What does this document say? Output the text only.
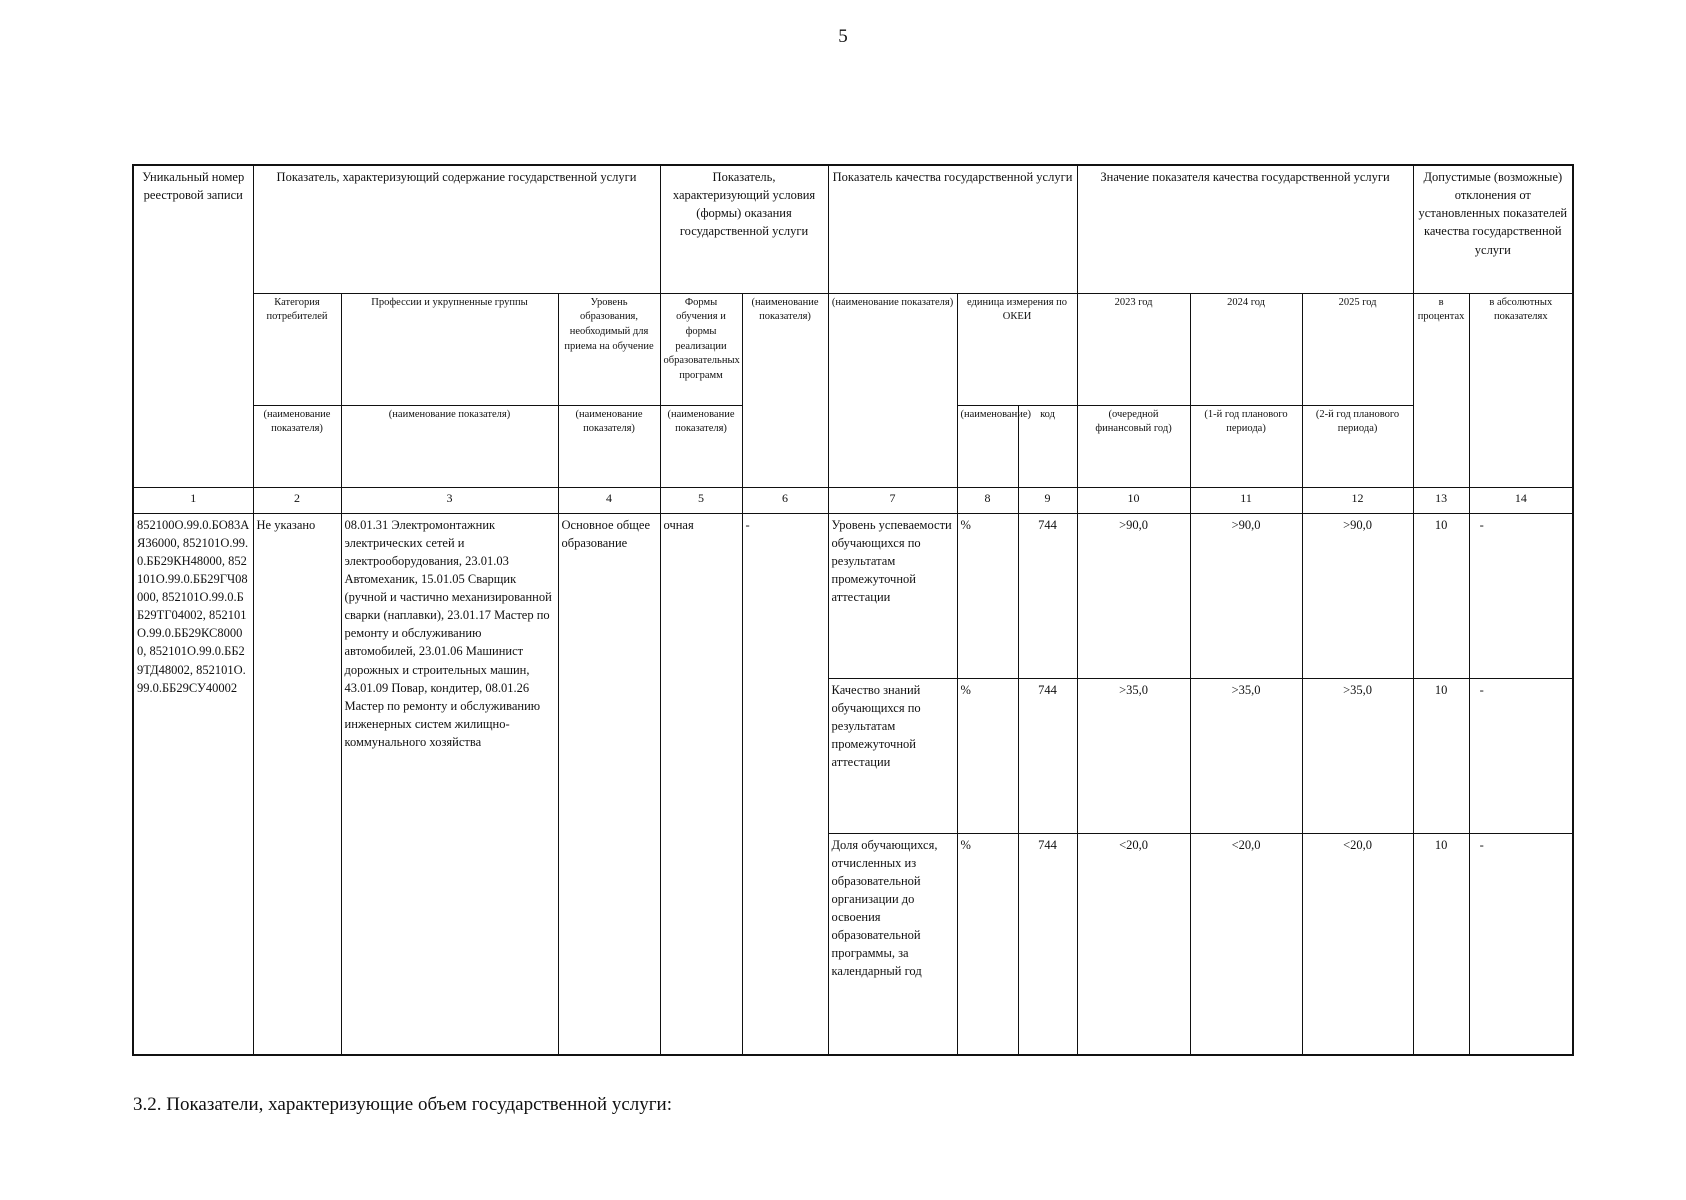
5
Уникальный номер реестровой записи	Показатель, характеризующий содержание государственной услуги			Показатель, характеризующий условия (формы) оказания государственной услуги		Показатель качества государственной услуги			Значение показателя качества государственной услуги			Допустимые (возможные) отклонения от установленных показателей качества государственной услуги	
	Категория потребителей	Профессии и укрупненные группы	Уровень образования, необходимый для приема на обучение	Формы обучения и формы реализации образовательных программ	(наименование показателя)	(наименование показателя)	единица измерения по ОКЕИ		2023 год	2024 год	2025 год	в процентах	в абсолютных показателях
	(наименование показателя)	(наименование показателя)	(наименование показателя)	(наименование показателя)			(наименование)	код	(очередной финансовый год)	(1-й год планового периода)	(2-й год планового периода)		
1	2	3	4	5	6	7	8	9	10	11	12	13	14
852100О.99.0.БО83АЯ36000, 852101О.99.0.ББ29КН48000, 852101О.99.0.ББ29ГЧ08000, 852101О.99.0.ББ29ТГ04002, 852101О.99.0.ББ29КС80000, 852101О.99.0.ББ29ТД48002, 852101О.99.0.ББ29СУ40002	Не указано	08.01.31 Электромонтажник электрических сетей и электрооборудования, 23.01.03 Автомеханик, 15.01.05 Сварщик (ручной и частично механизированной сварки (наплавки), 23.01.17 Мастер по ремонту и обслуживанию автомобилей, 23.01.06 Машинист дорожных и строительных машин, 43.01.09 Повар, кондитер, 08.01.26 Мастер по ремонту и обслуживанию инженерных систем жилищно-коммунального хозяйства	Основное общее образование	очная	-	Уровень успеваемости обучающихся по результатам промежуточной аттестации	%	744	>90,0	>90,0	>90,0	10	-
						Качество знаний обучающихся по результатам промежуточной аттестации	%	744	>35,0	>35,0	>35,0	10	-
						Доля обучающихся, отчисленных из образовательной организации до освоения образовательной программы, за календарный год	%	744	<20,0	<20,0	<20,0	10	-
3.2. Показатели, характеризующие объем государственной услуги:
